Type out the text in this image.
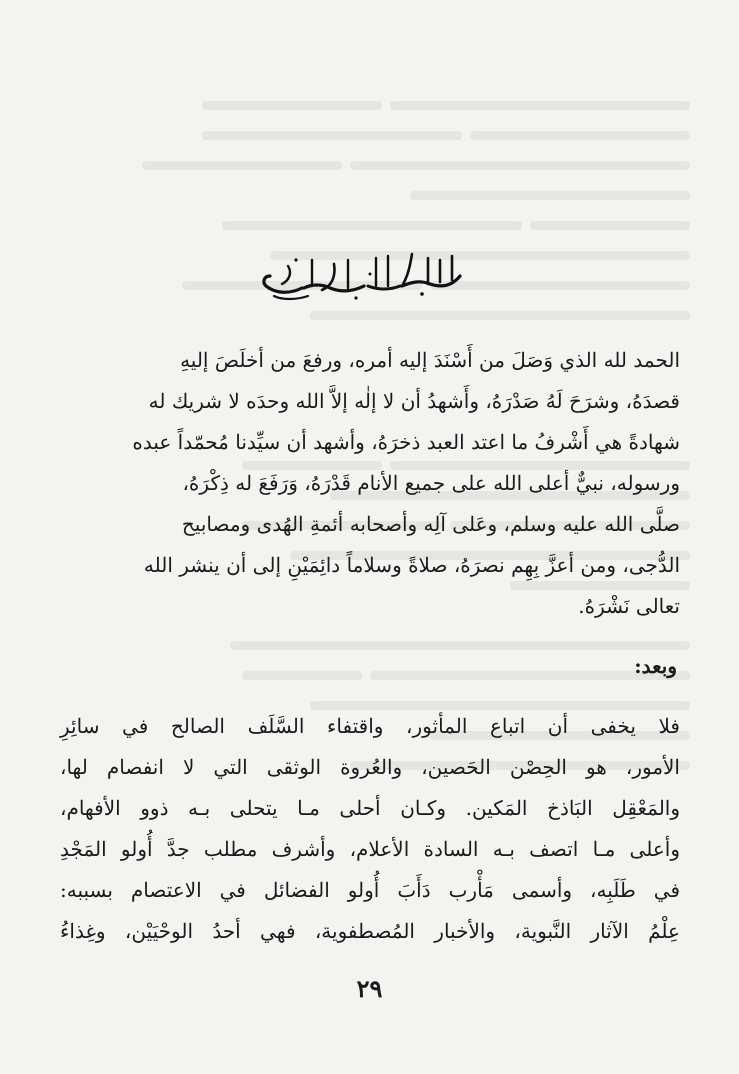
الحمد لله الذي وَصَلَ من أَسْنَدَ إليه أمره، ورفعَ من أخلَصَ إليهِ
قصدَهُ، وشرَحَ لَهُ صَدْرَهُ، وأَشهدُ أن لا إلٰه إلاَّ الله وحدَه لا شريك له
شهادةً هي أَشْرفُ ما اعتد العبد ذخرَهُ، وأشهد أن سيِّدنا مُحمّداً عبده
ورسوله، نبيٌّ أعلى الله على جميع الأنام قَدْرَهُ، وَرَفَعَ له ذِكْرَهُ،
صلَّى الله عليه وسلم، وعَلى آلِه وأصحابه أئمةِ الهُدى ومصابيح
الدُّجى، ومن أعزَّ بِهِم نصرَهُ، صلاةً وسلاماً دائِمَيْنِ إلى أن ينشر الله
تعالى نَشْرَهُ.
وبعد:
فلا يخفى أن اتباع المأثور، واقتفاء السَّلَف الصالح في سائِرِ
الأمور، هو الحِصْن الحَصين، والعُروة الوثقى التي لا انفصام لها،
والمَعْقِل البَاذخ المَكين. وكـان أحلى مـا يتحلى بـه ذوو الأفهام،
وأعلى مـا اتصف بـه السادة الأعلام، وأشرف مطلب جدَّ أُولو المَجْدِ
في طَلَبِه، وأسمى مَأْرب دَأَبَ أُولو الفضائل في الاعتصام بسببه:
عِلْمُ الآثار النَّبوية، والأخبار المُصطفوية، فهي أحدُ الوحْيَيْن، وغِذاءُ
٢٩
